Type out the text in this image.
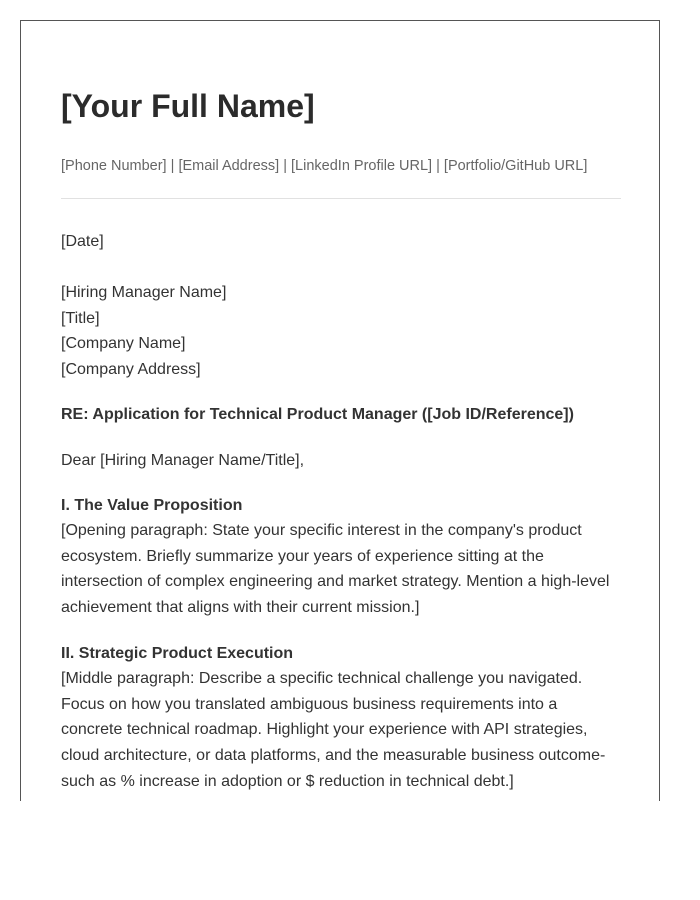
[Your Full Name]
[Phone Number] | [Email Address] | [LinkedIn Profile URL] | [Portfolio/GitHub URL]
[Date]
[Hiring Manager Name]
[Title]
[Company Name]
[Company Address]
RE: Application for Technical Product Manager ([Job ID/Reference])
Dear [Hiring Manager Name/Title],
I. The Value Proposition

[Opening paragraph: State your specific interest in the company's product ecosystem. Briefly summarize your years of experience sitting at the intersection of complex engineering and market strategy. Mention a high-level achievement that aligns with their current mission.]

II. Strategic Product Execution

[Middle paragraph: Describe a specific technical challenge you navigated. Focus on how you translated ambiguous business requirements into a concrete technical roadmap. Highlight your experience with API strategies, cloud architecture, or data platforms, and the measurable business outcome-such as % increase in adoption or $ reduction in technical debt.]
